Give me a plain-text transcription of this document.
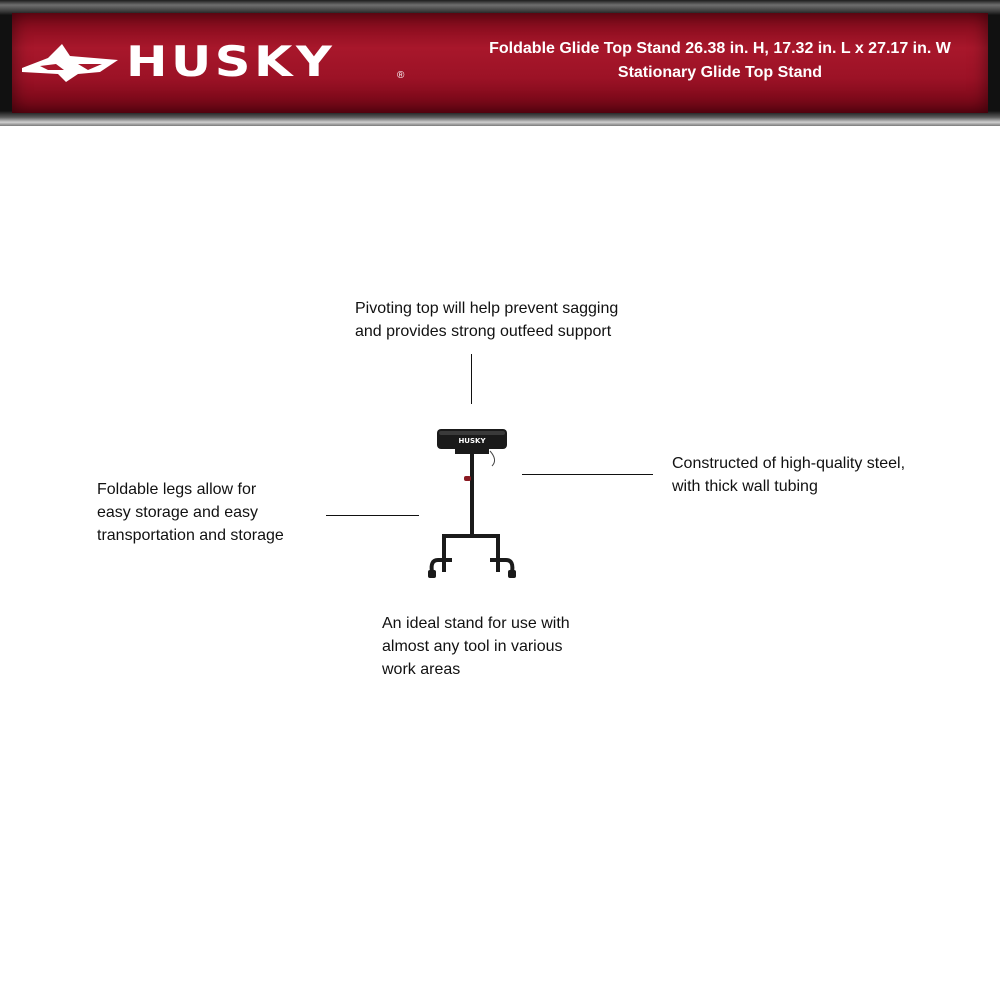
HUSKY	®
Foldable Glide Top Stand 26.38 in. H, 17.32 in. L x 27.17 in. W
Stationary Glide Top Stand
Pivoting top will help prevent sagging
and provides strong outfeed support
Constructed of high-quality steel,
with thick wall tubing
Foldable legs allow for
easy storage and easy
transportation and storage
An ideal stand for use with
almost any tool in various
work areas
HUSKY
